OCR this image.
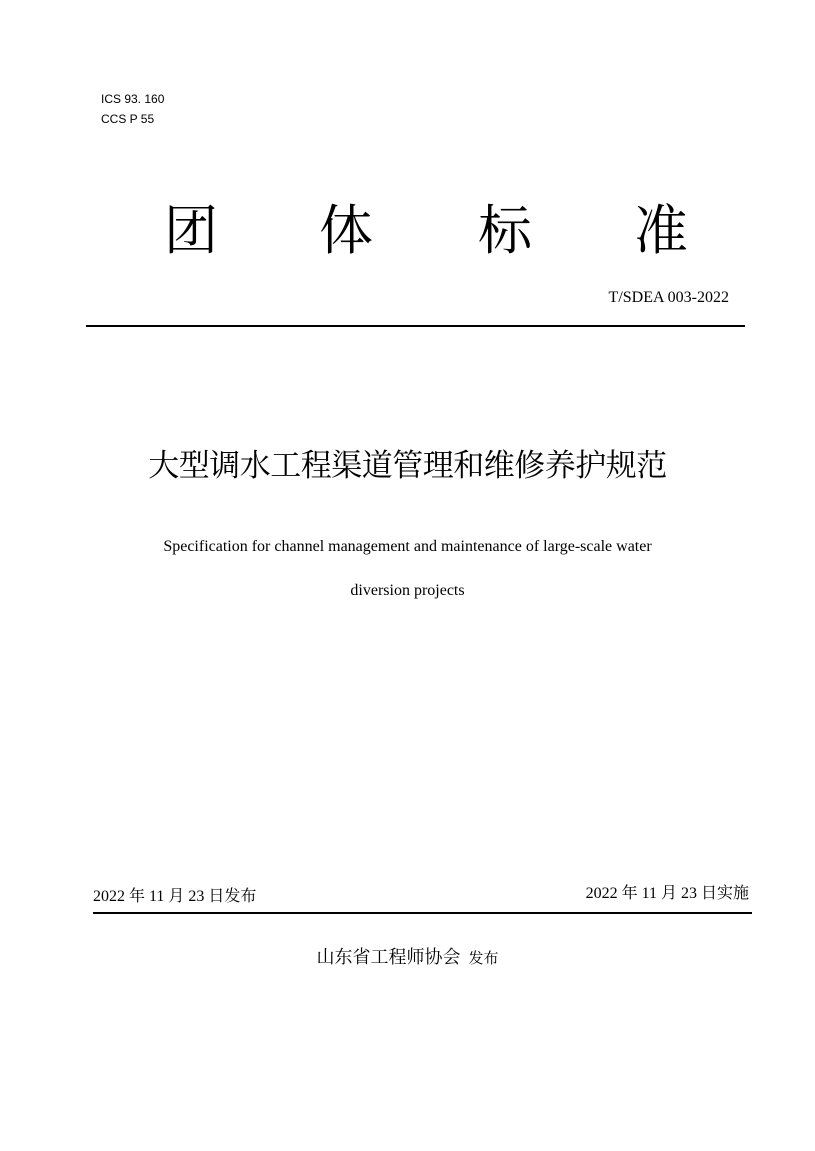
ICS 93. 160
CCS P 55
团 体 标 准
T/SDEA 003-2022
大型调水工程渠道管理和维修养护规范
Specification for channel management and maintenance of large-scale water
diversion projects
2022 年 11 月 23 日发布	2022 年 11 月 23 日实施
山东省工程师协会 发布
